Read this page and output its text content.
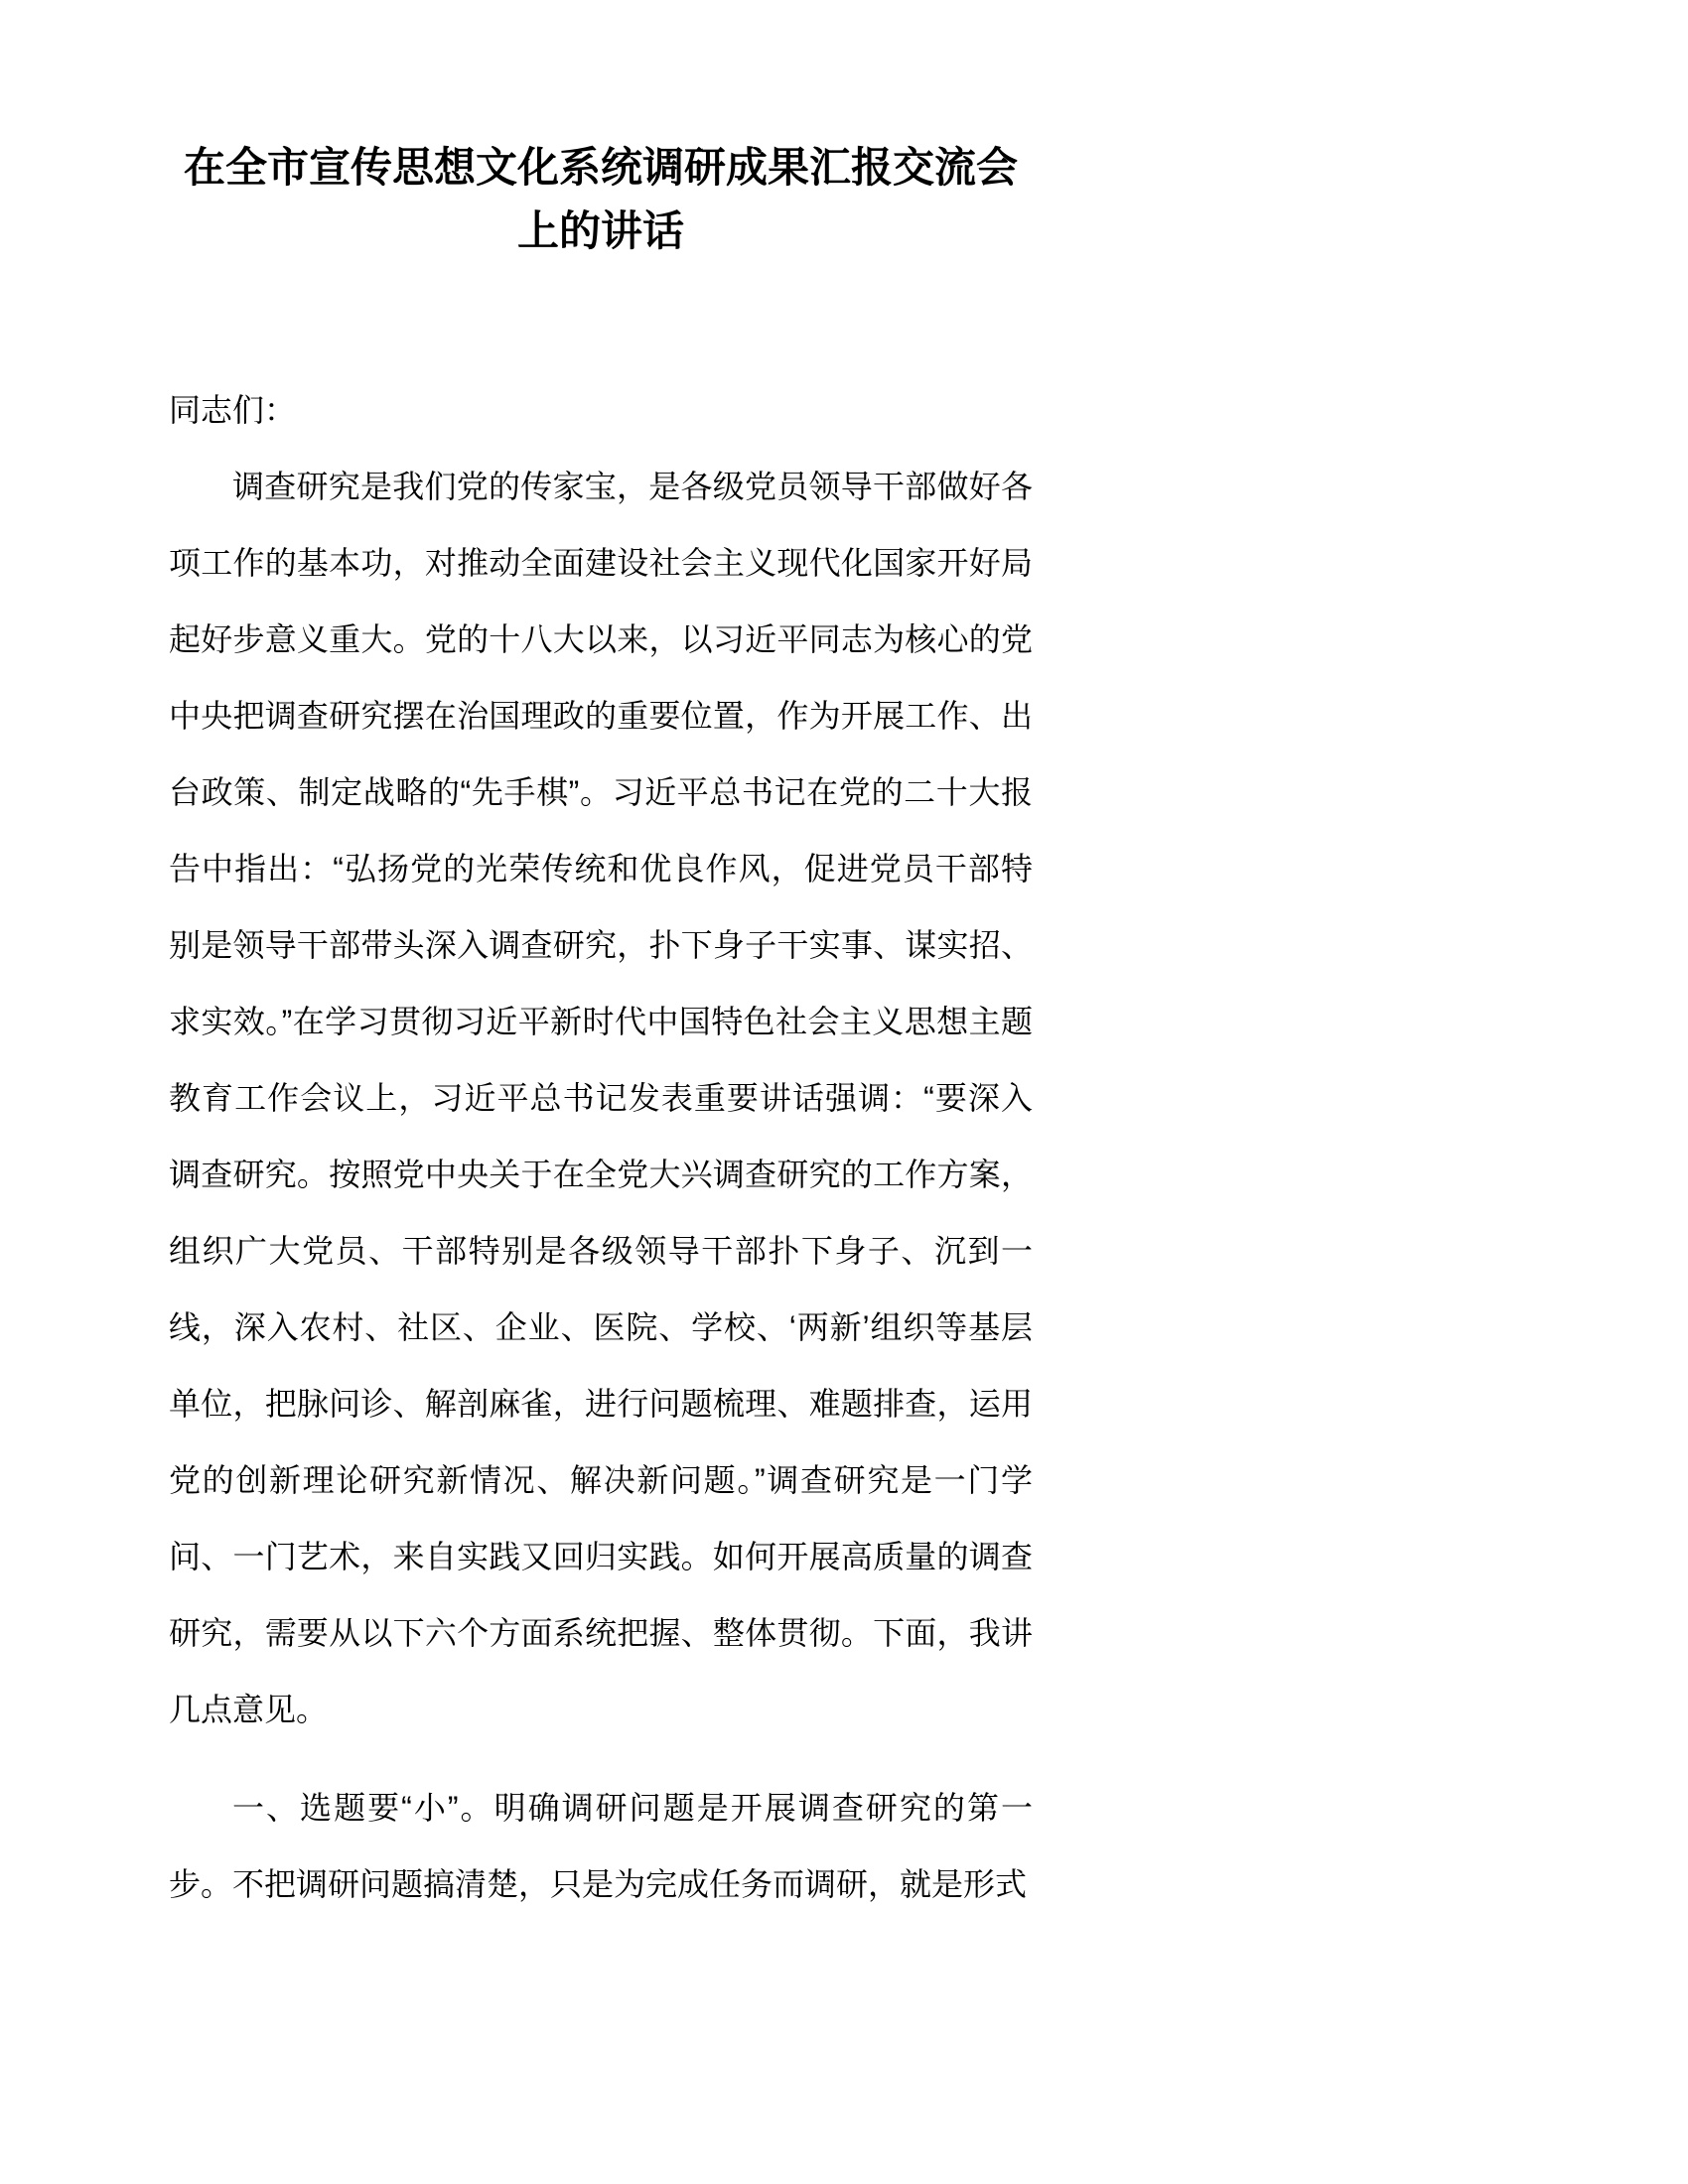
在全市宣传思想文化系统调研成果汇报交流会上的讲话

同志们：

调查研究是我们党的传家宝，是各级党员领导干部做好各项工作的基本功，对推动全面建设社会主义现代化国家开好局起好步意义重大。党的十八大以来，以习近平同志为核心的党中央把调查研究摆在治国理政的重要位置，作为开展工作、出台政策、制定战略的“先手棋”。习近平总书记在党的二十大报告中指出：“弘扬党的光荣传统和优良作风，促进党员干部特别是领导干部带头深入调查研究，扑下身子干实事、谋实招、求实效。”在学习贯彻习近平新时代中国特色社会主义思想主题教育工作会议上，习近平总书记发表重要讲话强调：“要深入调查研究。按照党中央关于在全党大兴调查研究的工作方案，组织广大党员、干部特别是各级领导干部扑下身子、沉到一线，深入农村、社区、企业、医院、学校、‘两新’组织等基层单位，把脉问诊、解剖麻雀，进行问题梳理、难题排查，运用党的创新理论研究新情况、解决新问题。”调查研究是一门学问、一门艺术，来自实践又回归实践。如何开展高质量的调查研究，需要从以下六个方面系统把握、整体贯彻。下面，我讲几点意见。

一、选题要“小”。明确调研问题是开展调查研究的第一步。不把调研问题搞清楚，只是为完成任务而调研，就是形式
